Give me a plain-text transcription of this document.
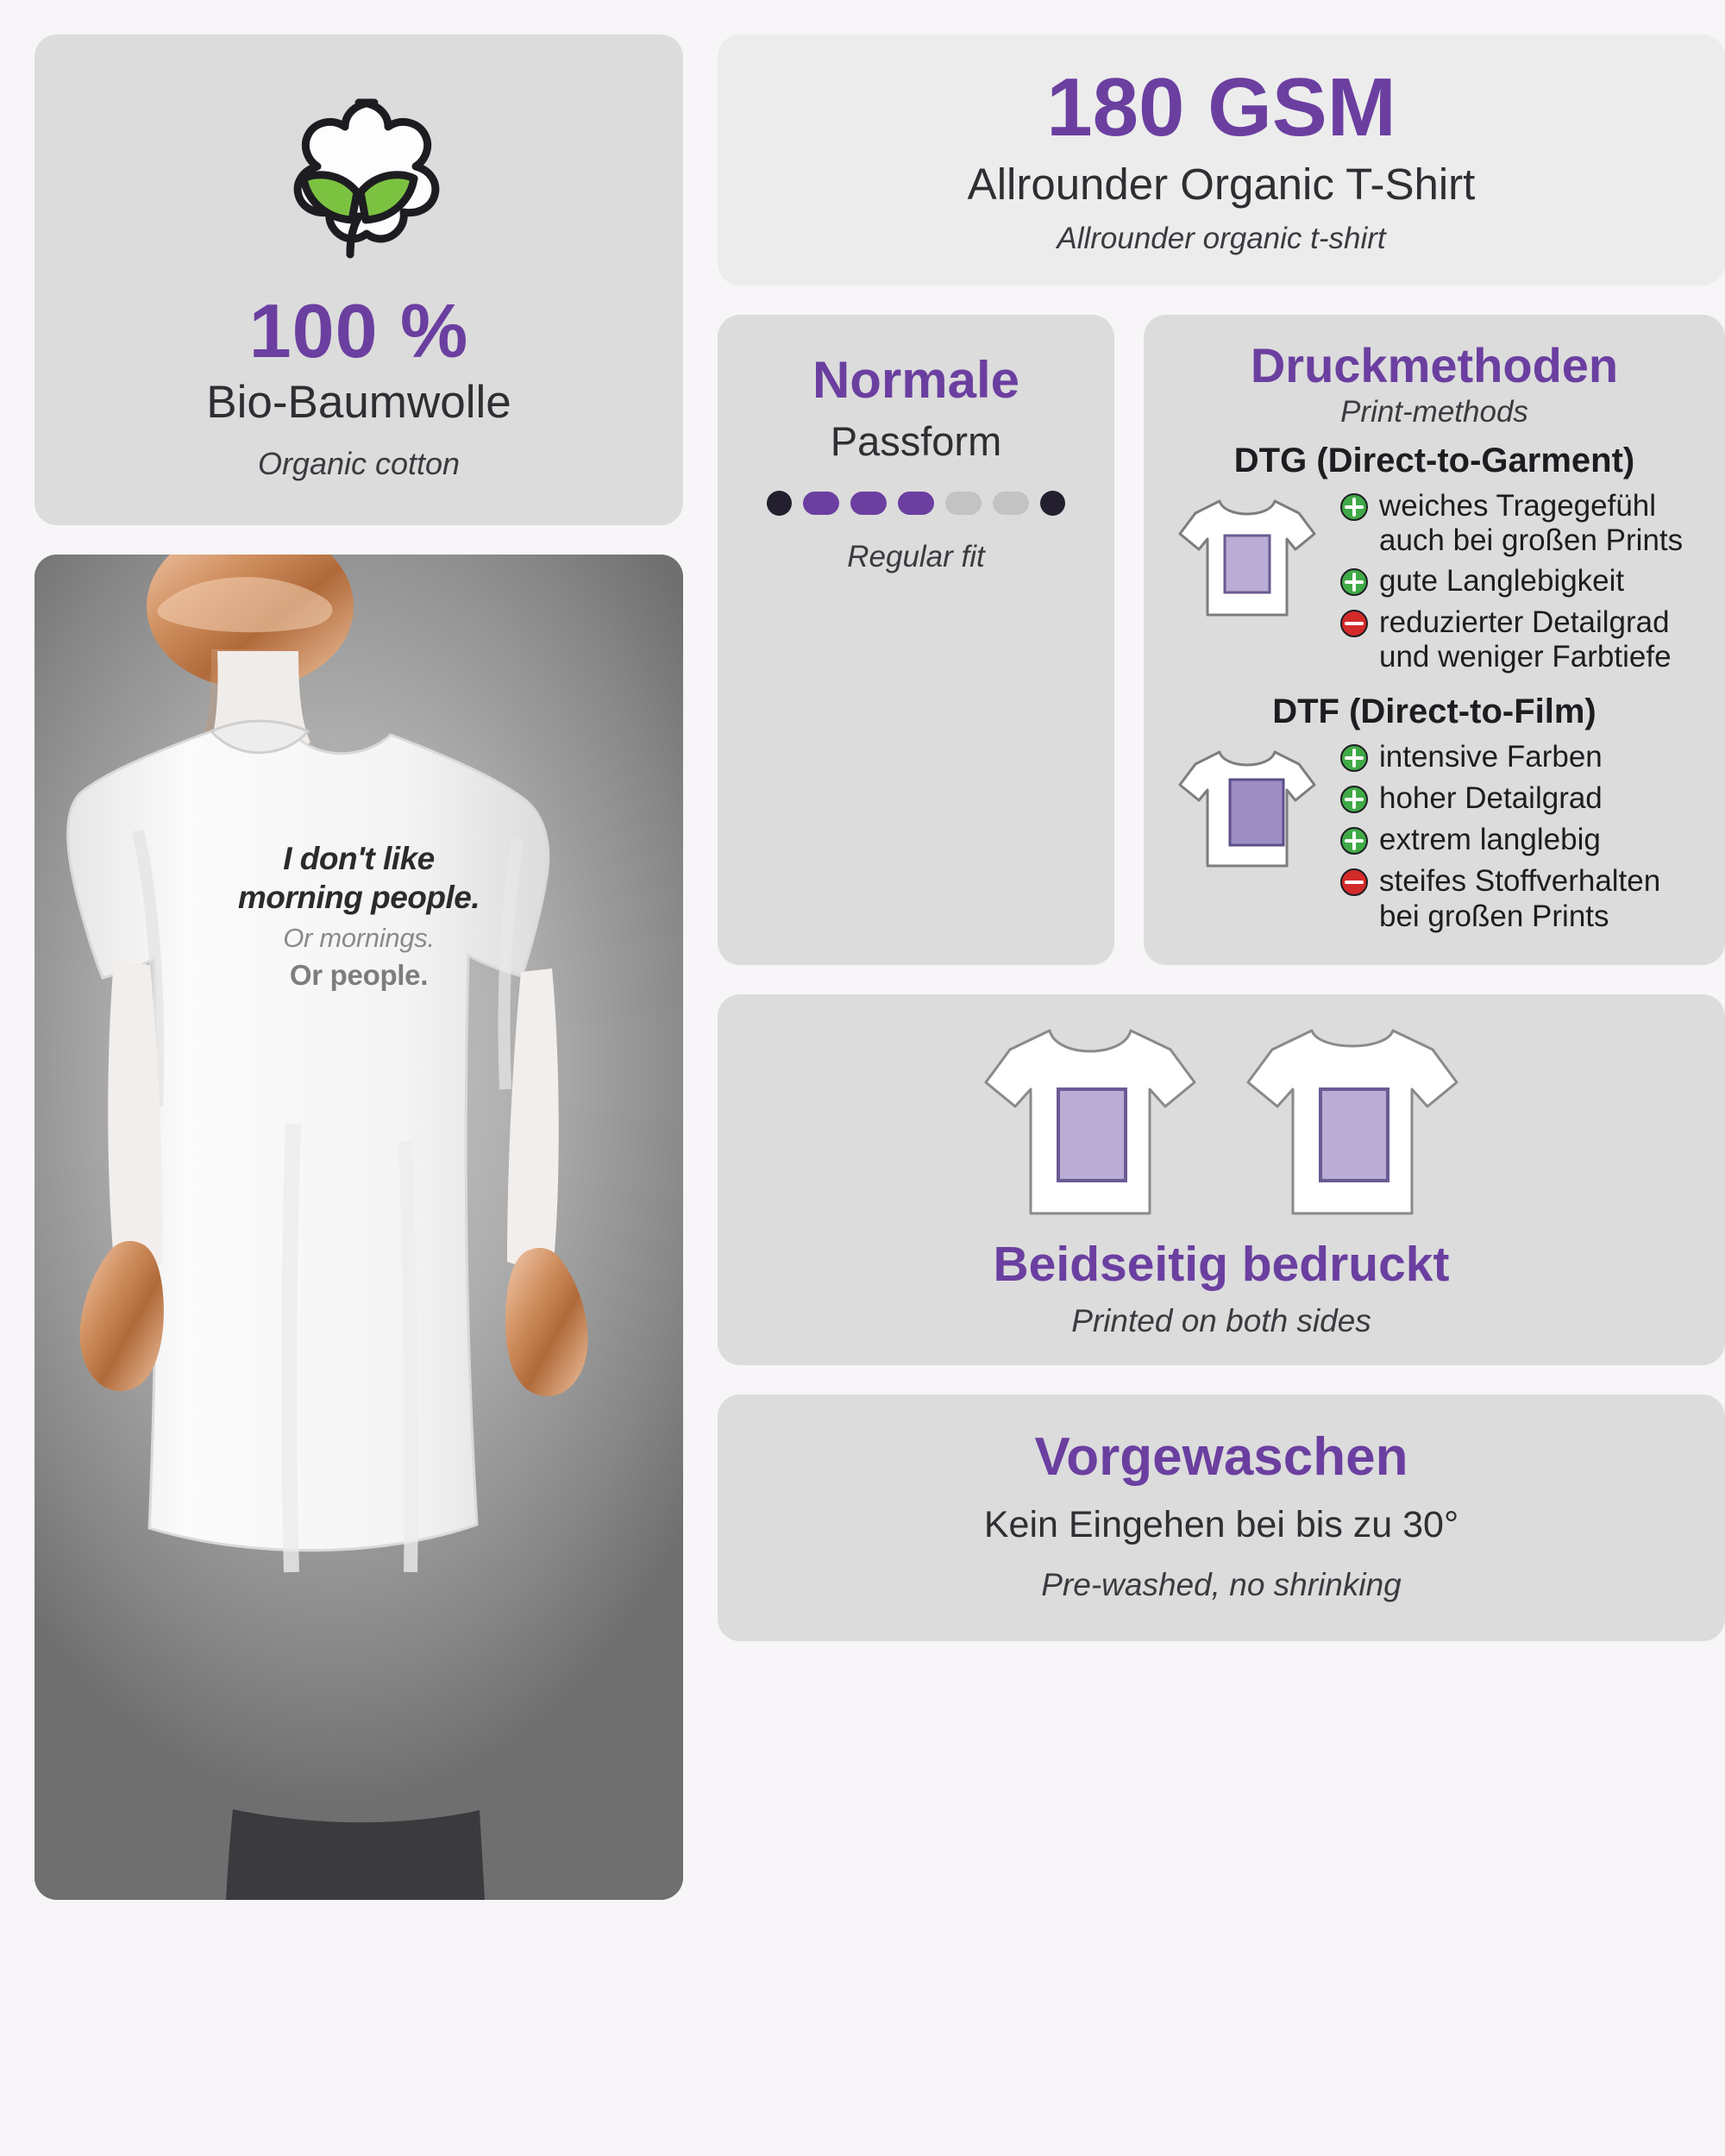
100 %
Bio-Baumwolle
Organic cotton
I don't like
morning people.
Or mornings.
Or people.
180 GSM
Allrounder Organic T-Shirt
Allrounder organic t-shirt
Normale
Passform
Regular fit
Druckmethoden
Print-methods
DTG (Direct-to-Garment)
weiches Tragegefühl auch bei großen Prints
gute Langlebigkeit
reduzierter Detailgrad und weniger Farbtiefe
DTF (Direct-to-Film)
intensive Farben
hoher Detailgrad
extrem langlebig
steifes Stoffverhalten bei großen Prints
Beidseitig bedruckt
Printed on both sides
Vorgewaschen
Kein Eingehen bei bis zu 30°
Pre-washed, no shrinking
